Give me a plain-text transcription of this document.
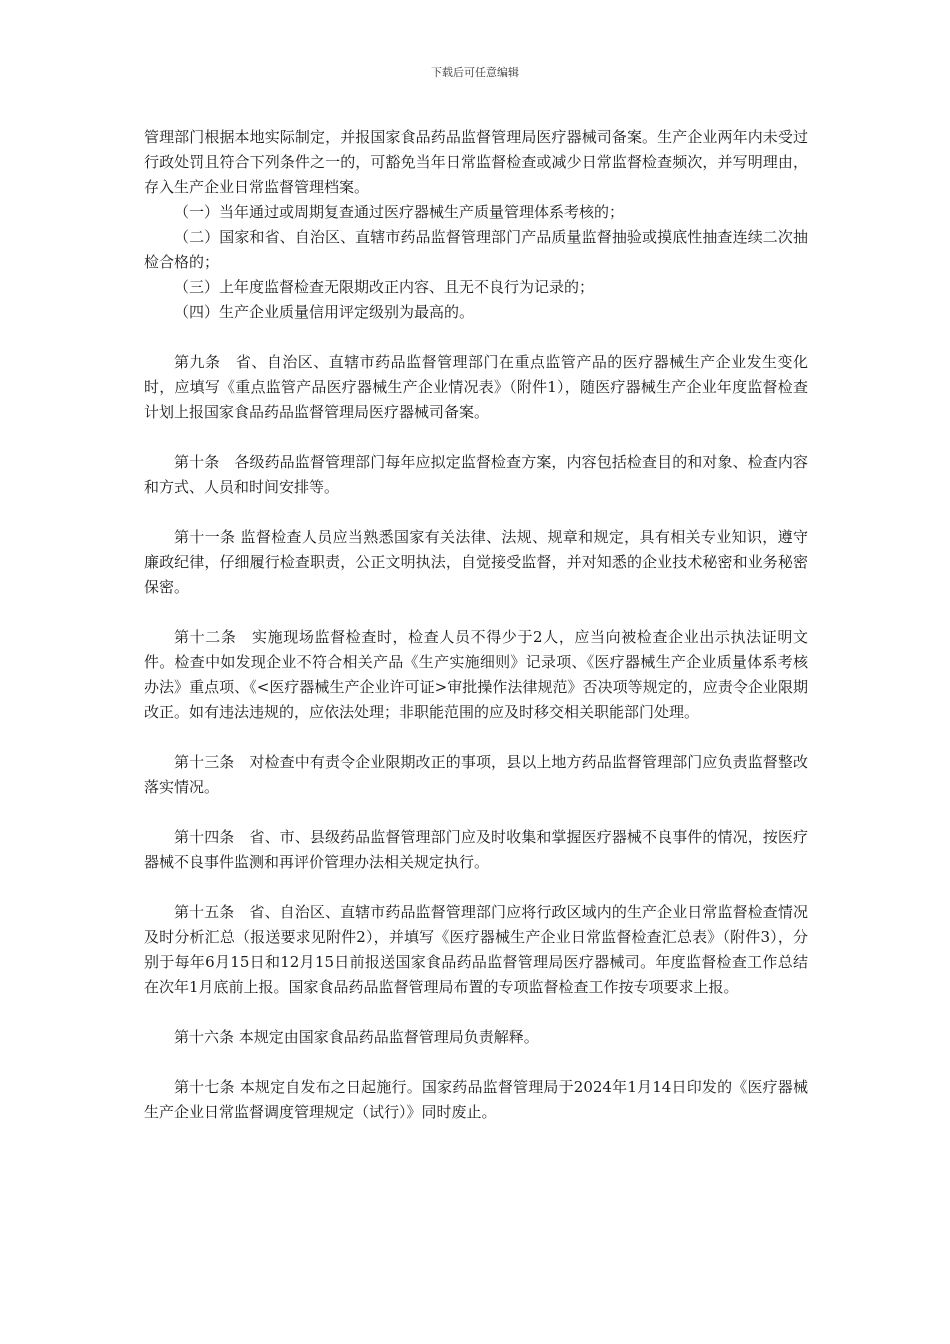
下载后可任意编辑

管理部门根据本地实际制定，并报国家食品药品监督管理局医疗器械司备案。生产企业两年内未受过行政处罚且符合下列条件之一的，可豁免当年日常监督检查或减少日常监督检查频次，并写明理由，存入生产企业日常监督管理档案。

（一）当年通过或周期复查通过医疗器械生产质量管理体系考核的；

（二）国家和省、自治区、直辖市药品监督管理部门产品质量监督抽验或摸底性抽查连续二次抽检合格的；

（三）上年度监督检查无限期改正内容、且无不良行为记录的；

（四）生产企业质量信用评定级别为最高的。

第九条　省、自治区、直辖市药品监督管理部门在重点监管产品的医疗器械生产企业发生变化时，应填写《重点监管产品医疗器械生产企业情况表》（附件1），随医疗器械生产企业年度监督检查计划上报国家食品药品监督管理局医疗器械司备案。

第十条　各级药品监督管理部门每年应拟定监督检查方案，内容包括检查目的和对象、检查内容和方式、人员和时间安排等。

第十一条 监督检查人员应当熟悉国家有关法律、法规、规章和规定，具有相关专业知识，遵守廉政纪律，仔细履行检查职责，公正文明执法，自觉接受监督，并对知悉的企业技术秘密和业务秘密保密。

第十二条　实施现场监督检查时，检查人员不得少于2人，应当向被检查企业出示执法证明文件。检查中如发现企业不符合相关产品《生产实施细则》记录项、《医疗器械生产企业质量体系考核办法》重点项、《<医疗器械生产企业许可证>审批操作法律规范》否决项等规定的，应责令企业限期改正。如有违法违规的，应依法处理；非职能范围的应及时移交相关职能部门处理。

第十三条　对检查中有责令企业限期改正的事项，县以上地方药品监督管理部门应负责监督整改落实情况。

第十四条　省、市、县级药品监督管理部门应及时收集和掌握医疗器械不良事件的情况，按医疗器械不良事件监测和再评价管理办法相关规定执行。

第十五条　省、自治区、直辖市药品监督管理部门应将行政区域内的生产企业日常监督检查情况及时分析汇总（报送要求见附件2），并填写《医疗器械生产企业日常监督检查汇总表》（附件3），分别于每年6月15日和12月15日前报送国家食品药品监督管理局医疗器械司。年度监督检查工作总结在次年1月底前上报。国家食品药品监督管理局布置的专项监督检查工作按专项要求上报。

第十六条 本规定由国家食品药品监督管理局负责解释。

第十七条 本规定自发布之日起施行。国家药品监督管理局于2024年1月14日印发的《医疗器械生产企业日常监督调度管理规定（试行）》同时废止。
